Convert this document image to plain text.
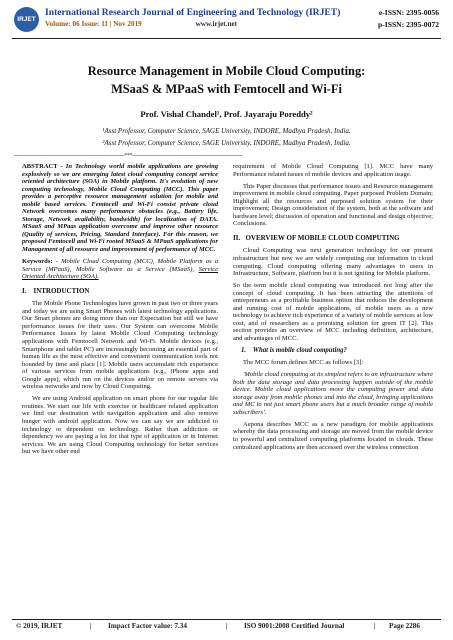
IRJET
International Research Journal of Engineering and Technology (IRJET)
Volume: 06 Issue: 11 | Nov 2019	www.irjet.net
e-ISSN: 2395-0056
p-ISSN: 2395-0072
Resource Management in Mobile Cloud Computing:
MSaaS & MPaaS with Femtocell and Wi-Fi
Prof. Vishal Chandel¹, Prof. Jayaraju Poreddy²
¹Asst Professor, Computer Science, SAGE University, INDORE, Madhya Pradesh, India.
²Asst Professor, Computer Science, SAGE University, INDORE, Madhya Pradesh, India.
---------------------------------------------------------------------***---------------------------------------------------------------------

ABSTRACT - In Technology world mobile applications are growing explosively so we are emerging latest cloud computing concept service oriented architecture (SOA) in Mobile platform. It's evolution of new computing technology, Mobile Cloud Computing (MCC). This paper provides a perceptive resource management solution for mobile and mobile based services. Femtocell and Wi-Fi consist private cloud Network overcomes many performance obstacles (e.g., Battery life, Storage, Network availability, bandwidth) for localization of DATA. MSaaS and MPaas application overcome and improve other resource (Quality of services, Pricing, Standard Interface). For this reason, we proposed Femtocell and Wi-Fi rooted MSaaS & MPaaS applications for Management of all resource and improvement of performance of MCC.

Keywords: - Mobile Cloud Computing (MCC), Mobile Platform as a Service (MPaaS), Mobile Software as a Service (MSaaS), Service Oriented Architecture (SOA).

I.    INTRODUCTION

The Mobile Phone Technologies have grown in past two or three years and today we are using Smart Phones with latest technology applications. Our Smart phones are doing more than our Expectation but still we have performance issues for their uses. Our System can overcome Mobile Performance Issues by latest Mobile Cloud Computing technology applications with Femtocell Network and Wi-Fi. Mobile devices (e.g., Smartphone and tablet PC) are increasingly becoming an essential part of human life as the most effective and convenient communication tools not bounded by time and place [1]. Mobile users accumulate rich experience of various services from mobile applications (e.g., iPhone apps and Google apps), which run on the devices and/or on remote servers via wireless networks and now by Cloud Computing.

We are using Android application on smart phone for our regular life routines. We start our life with exercise or healthcare related application we find our destination with navigation application and also remove hunger with android application. Now we can say we are addicted to technology or dependent on technology. Rather than addiction or dependency we are paying a lot for that type of application or in Internet services. We are using Cloud Computing technology for better services but we have other end

requirement of Mobile Cloud Computing [1]. MCC have many Performance related issues of mobile devices and application usage.

This Paper discusses that performance issues and Resource management improvement in mobile cloud computing. Paper purposed Problem Domain; Highlight all the resources and purposed solution system for their improvement; Design consideration of the system, both at the software and hardware level; discussion of operation and functional and design objective; Conclusions.

II.   OVERVIEW OF MOBILE CLOUD COMPUTING

Cloud Computing was next generation technology for our present infrastructure but now we are widely computing our information in cloud computing. Cloud computing offering many advantages to users in Infrastructure, Software, platform but it is not igniting for Mobile platform.

So the term mobile cloud computing was introduced not long after the concept of cloud computing. It has been attracting the attentions of entrepreneurs as a profitable business option that reduces the development and running cost of mobile applications, of mobile users as a new technology to achieve rich experience of a variety of mobile services at low cost, and of researchers as a promising solution for green IT [2]. This section provides an overview of MCC including definition, architecture, and advantages of MCC.

1.    What is mobile cloud computing?

The MCC forum defines MCC as follows [3]:

'Mobile cloud computing at its simplest refers to an infrastructure where both the data storage and data processing happen outside of the mobile device. Mobile cloud applications move the computing power and data storage away from mobile phones and into the cloud, bringing applications and MC to not just smart phone users but a much broader range of mobile subscribers'.

Aepona describes MCC as a new paradigm for mobile applications whereby the data processing and storage are moved from the mobile device to powerful and centralized computing platforms located in clouds. These centralized applications are then accessed over the wireless connection

© 2019, IRJET	| Impact Factor value: 7.34	| ISO 9001:2008 Certified Journal	| Page 2286
